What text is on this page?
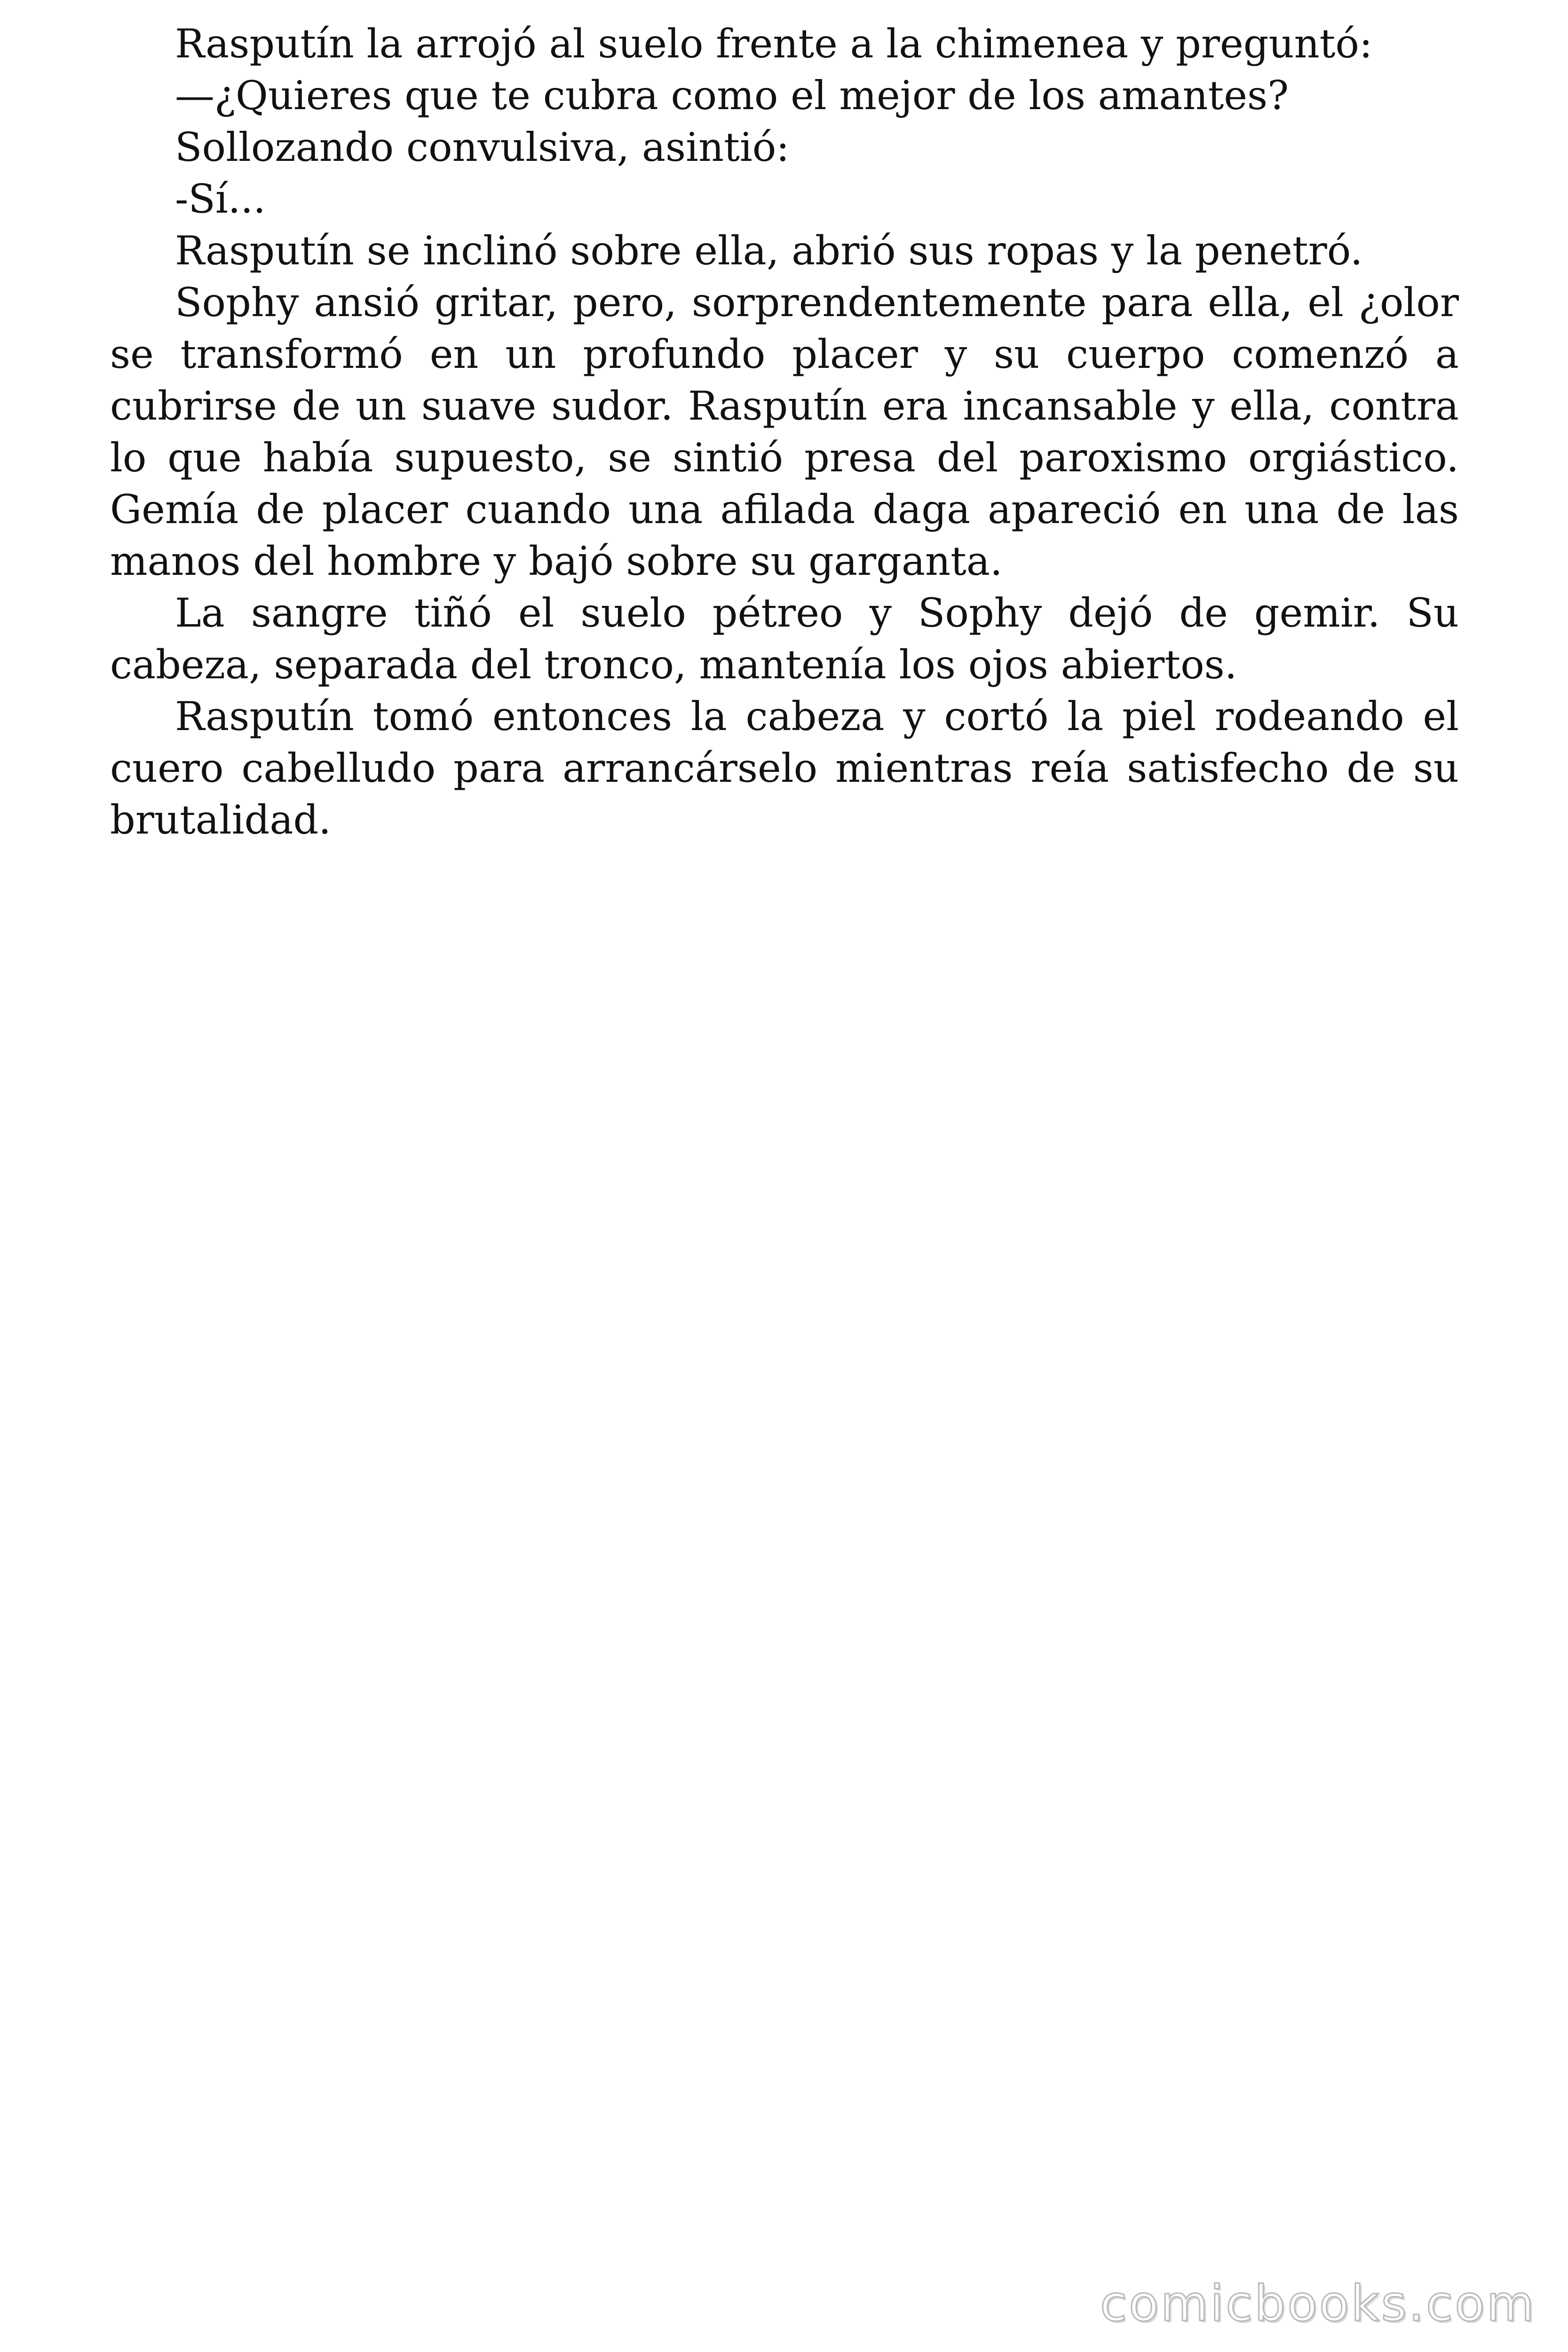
Rasputín la arrojó al suelo frente a la chimenea y preguntó:

—¿Quieres que te cubra como el mejor de los amantes?

Sollozando convulsiva, asintió:

-Sí...

Rasputín se inclinó sobre ella, abrió sus ropas y la penetró.

Sophy ansió gritar, pero, sorprendentemente para ella, el ¿olor se transformó en un profundo placer y su cuerpo comenzó a cubrirse de un suave sudor. Rasputín era incansable y ella, contra lo que había supuesto, se sintió presa del paroxismo orgiástico. Gemía de placer cuando una afilada daga apareció en una de las manos del hombre y bajó sobre su garganta.

La sangre tiñó el suelo pétreo y Sophy dejó de gemir. Su cabeza, separada del tronco, mantenía los ojos abiertos.

Rasputín tomó entonces la cabeza y cortó la piel rodeando el cuero cabelludo para arrancárselo mientras reía satisfecho de su brutalidad.

comicbooks.com
